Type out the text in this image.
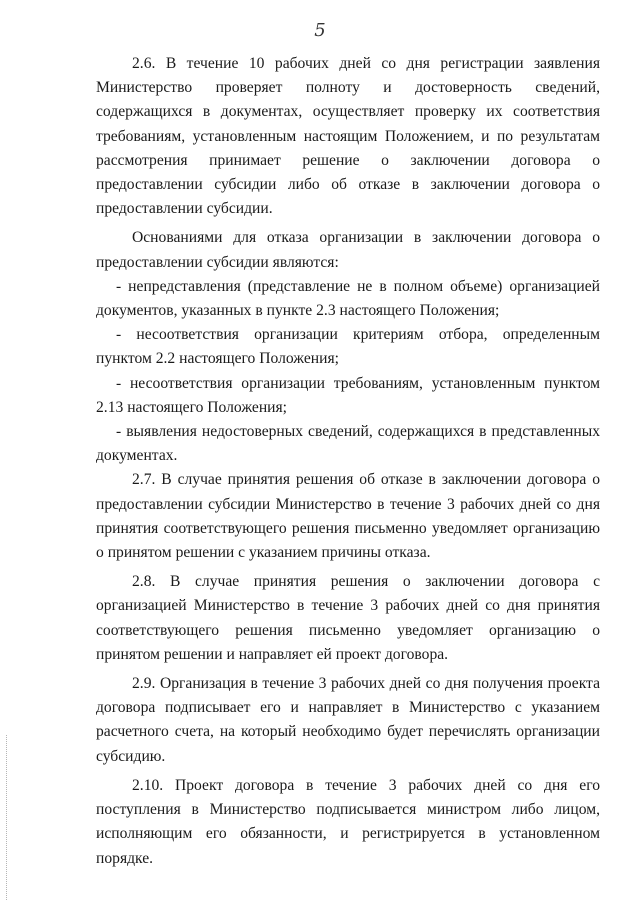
5

2.6. В течение 10 рабочих дней со дня регистрации заявления Министерство проверяет полноту и достоверность сведений, содержащихся в документах, осуществляет проверку их соответствия требованиям, установленным настоящим Положением, и по результатам рассмотрения принимает решение о заключении договора о предоставлении субсидии либо об отказе в заключении договора о предоставлении субсидии.

Основаниями для отказа организации в заключении договора о предоставлении субсидии являются:

- непредставления (представление не в полном объеме) организацией документов, указанных в пункте 2.3 настоящего Положения;

- несоответствия организации критериям отбора, определенным пунктом 2.2 настоящего Положения;

- несоответствия организации требованиям, установленным пунктом 2.13 настоящего Положения;

- выявления недостоверных сведений, содержащихся в представленных документах.

2.7. В случае принятия решения об отказе в заключении договора о предоставлении субсидии Министерство в течение 3 рабочих дней со дня принятия соответствующего решения письменно уведомляет организацию о принятом решении с указанием причины отказа.

2.8. В случае принятия решения о заключении договора с организацией Министерство в течение 3 рабочих дней со дня принятия соответствующего решения письменно уведомляет организацию о принятом решении и направляет ей проект договора.

2.9. Организация в течение 3 рабочих дней со дня получения проекта договора подписывает его и направляет в Министерство с указанием расчетного счета, на который необходимо будет перечислять организации субсидию.

2.10. Проект договора в течение 3 рабочих дней со дня его поступления в Министерство подписывается министром либо лицом, исполняющим его обязанности, и регистрируется в установленном порядке.
